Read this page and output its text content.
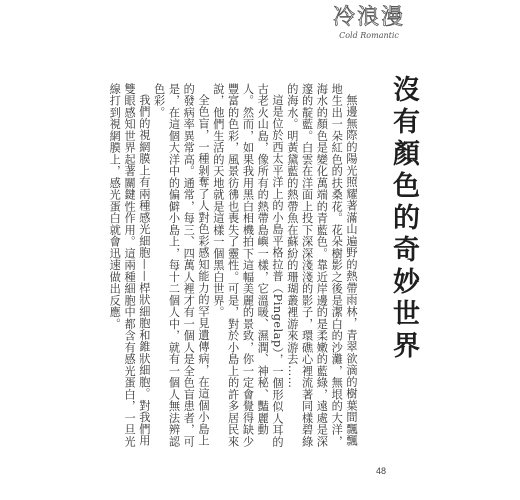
冷浪漫
Cold Romantic
沒有顏色的奇妙世界

無邊無際的陽光照耀著滿山遍野的熱帶雨林，青翠欲滴的樹葉間飄飄地生出一朵紅色的扶桑花。花朵樹影之後是潔白的沙灘，無垠的大洋，海水的顏色是變化萬端的青藍色。靠近岸邊的是柔嫩的藍綠，遠處是深邃的靛藍。白雲在洋面上投下深深淺淺的影子，環礁心裡流著同樣碧綠的海水。明黃黛藍的熱帶魚在蘇紛的珊瑚叢裡游來游去……

這是位於西太平洋上的小島平格拉普（Pingelap），一個形似人耳的古老火山島，像所有的熱帶島嶼一樣，它溫暖、濕潤、神秘、豔麗動人。然而，如果我用黑白相機拍下這幅美麗的景致，你一定會覺得缺少豐富的色彩，風景彷彿也喪失了靈性。可是，對於小島上的許多居民來說，他們生活的天地就是這樣一個黑白世界。

全色盲，一種剝奪了人對色彩感知能力的罕見遺傳病，在這個小島上的發病率異常高。通常，每三、四萬人裡才有一個人是全色盲患者，可是，在這個大洋中的偏僻小島上，每十二個人中，就有一個人無法辨認色彩。

我們的視網膜上有兩種感光細胞——桿狀細胞和錐狀細胞。對我們用雙眼感知世界起著關鍵性作用。這兩種細胞中都含有感光蛋白，一旦光線打到視網膜上，感光蛋白就會迅速做出反應。

48
